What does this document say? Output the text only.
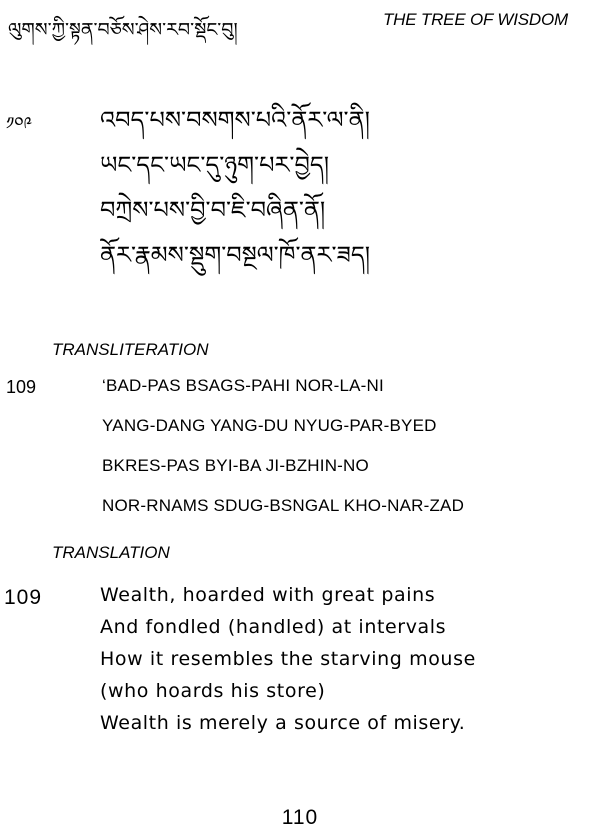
ལུགས་ཀྱི་སྟན་བཅོས་ཤེས་རབ་སྡོང་བུ།	THE TREE OF WISDOM
༡༠༩	འབད་པས་བསགས་པའི་ནོར་ལ་ནི།
ཡང་དང་ཡང་དུ་ཉུག་པར་བྱེད།
བཀྲེས་པས་བྱི་བ་ཇི་བཞིན་ནོ།
ནོར་རྣམས་སྡུག་བསྔལ་ཁོ་ནར་ཟད།
TRANSLITERATION
109	‘BAD-PAS BSAGS-PAHI NOR-LA-NI
YANG-DANG YANG-DU NYUG-PAR-BYED
BKRES-PAS BYI-BA JI-BZHIN-NO
NOR-RNAMS SDUG-BSNGAL KHO-NAR-ZAD
TRANSLATION
109	Wealth, hoarded with great pains
And fondled (handled) at intervals
How it resembles the starving mouse
(who hoards his store)
Wealth is merely a source of misery.
110
